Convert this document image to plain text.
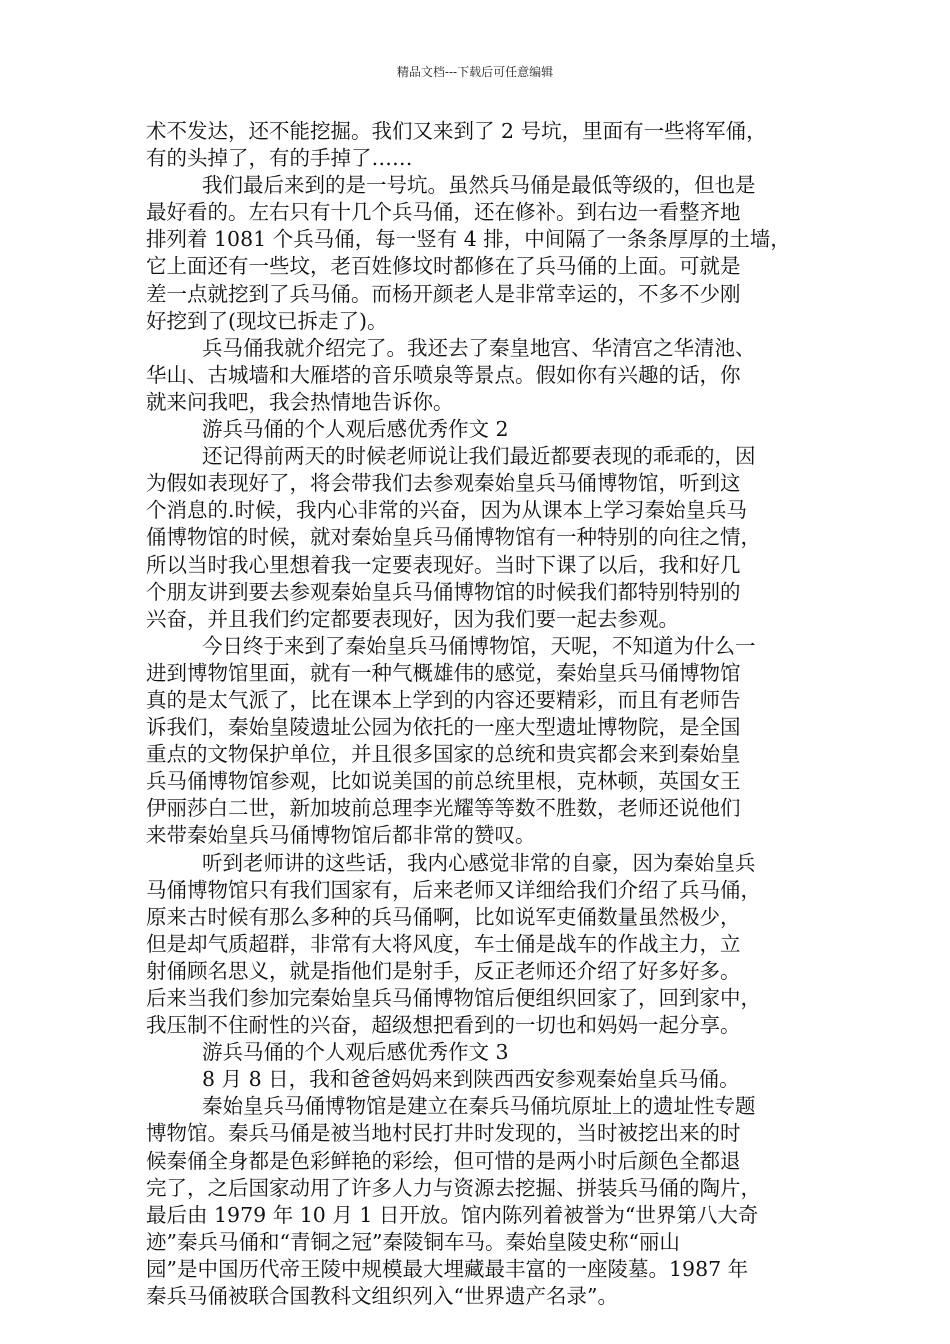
精品文档---下载后可任意编辑
术不发达，还不能挖掘。我们又来到了 2 号坑，里面有一些将军俑，
有的头掉了，有的手掉了……
我们最后来到的是一号坑。虽然兵马俑是最低等级的，但也是
最好看的。左右只有十几个兵马俑，还在修补。到右边一看整齐地
排列着 1081 个兵马俑，每一竖有 4 排，中间隔了一条条厚厚的土墙，
它上面还有一些坟，老百姓修坟时都修在了兵马俑的上面。可就是
差一点就挖到了兵马俑。而杨开颜老人是非常幸运的，不多不少刚
好挖到了(现坟已拆走了)。
兵马俑我就介绍完了。我还去了秦皇地宫、华清宫之华清池、
华山、古城墙和大雁塔的音乐喷泉等景点。假如你有兴趣的话，你
就来问我吧，我会热情地告诉你。
游兵马俑的个人观后感优秀作文 2
还记得前两天的时候老师说让我们最近都要表现的乖乖的，因
为假如表现好了，将会带我们去参观秦始皇兵马俑博物馆，听到这
个消息的.时候，我内心非常的兴奋，因为从课本上学习秦始皇兵马
俑博物馆的时候，就对秦始皇兵马俑博物馆有一种特别的向往之情，
所以当时我心里想着我一定要表现好。当时下课了以后，我和好几
个朋友讲到要去参观秦始皇兵马俑博物馆的时候我们都特别特别的
兴奋，并且我们约定都要表现好，因为我们要一起去参观。
今日终于来到了秦始皇兵马俑博物馆，天呢，不知道为什么一
进到博物馆里面，就有一种气概雄伟的感觉，秦始皇兵马俑博物馆
真的是太气派了，比在课本上学到的内容还要精彩，而且有老师告
诉我们，秦始皇陵遗址公园为依托的一座大型遗址博物院，是全国
重点的文物保护单位，并且很多国家的总统和贵宾都会来到秦始皇
兵马俑博物馆参观，比如说美国的前总统里根，克林顿，英国女王
伊丽莎白二世，新加坡前总理李光耀等等数不胜数，老师还说他们
来带秦始皇兵马俑博物馆后都非常的赞叹。
听到老师讲的这些话，我内心感觉非常的自豪，因为秦始皇兵
马俑博物馆只有我们国家有，后来老师又详细给我们介绍了兵马俑，
原来古时候有那么多种的兵马俑啊，比如说军吏俑数量虽然极少，
但是却气质超群，非常有大将风度，车士俑是战车的作战主力，立
射俑顾名思义，就是指他们是射手，反正老师还介绍了好多好多。
后来当我们参加完秦始皇兵马俑博物馆后便组织回家了，回到家中，
我压制不住耐性的兴奋，超级想把看到的一切也和妈妈一起分享。
游兵马俑的个人观后感优秀作文 3
8 月 8 日，我和爸爸妈妈来到陕西西安参观秦始皇兵马俑。
秦始皇兵马俑博物馆是建立在秦兵马俑坑原址上的遗址性专题
博物馆。秦兵马俑是被当地村民打井时发现的，当时被挖出来的时
候秦俑全身都是色彩鲜艳的彩绘，但可惜的是两小时后颜色全都退
完了，之后国家动用了许多人力与资源去挖掘、拼装兵马俑的陶片，
最后由 1979 年 10 月 1 日开放。馆内陈列着被誉为“世界第八大奇
迹”秦兵马俑和“青铜之冠”秦陵铜车马。秦始皇陵史称“丽山
园”是中国历代帝王陵中规模最大埋藏最丰富的一座陵墓。1987 年
秦兵马俑被联合国教科文组织列入“世界遗产名录”。
